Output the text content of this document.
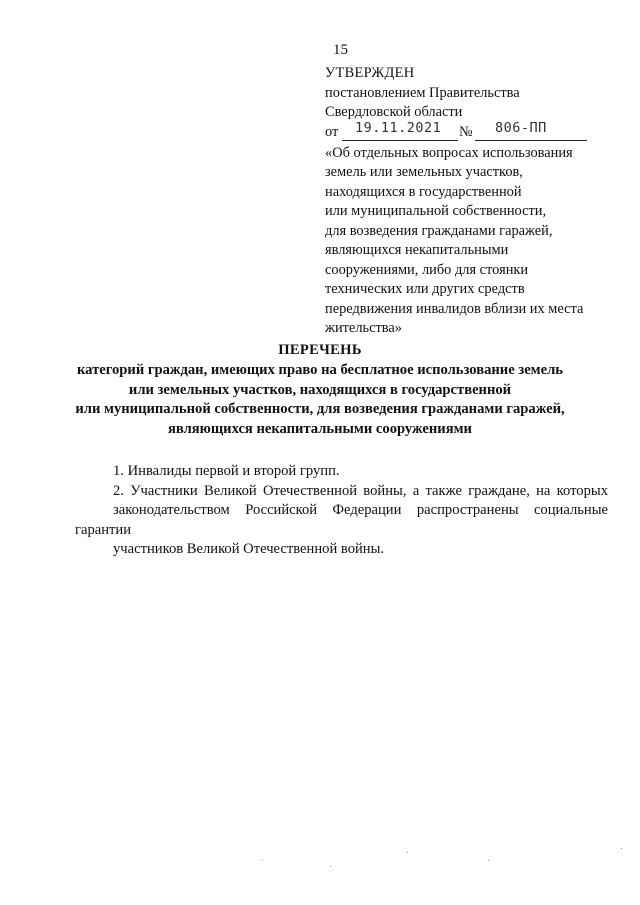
15
УТВЕРЖДЕН
постановлением Правительства
Свердловской области
от 19.11.2021 № 806-ПП
«Об отдельных вопросах использования
земель или земельных участков,
находящихся в государственной
или муниципальной собственности,
для возведения гражданами гаражей,
являющихся некапитальными
сооружениями, либо для стоянки
технических или других средств
передвижения инвалидов вблизи их места
жительства»
ПЕРЕЧЕНЬ
категорий граждан, имеющих право на бесплатное использование земель
или земельных участков, находящихся в государственной
или муниципальной собственности, для возведения гражданами гаражей,
являющихся некапитальными сооружениями

1. Инвалиды первой и второй групп.

2. Участники Великой Отечественной войны, а также граждане, на которых
законодательством Российской Федерации распространены социальные гарантии
участников Великой Отечественной войны.
